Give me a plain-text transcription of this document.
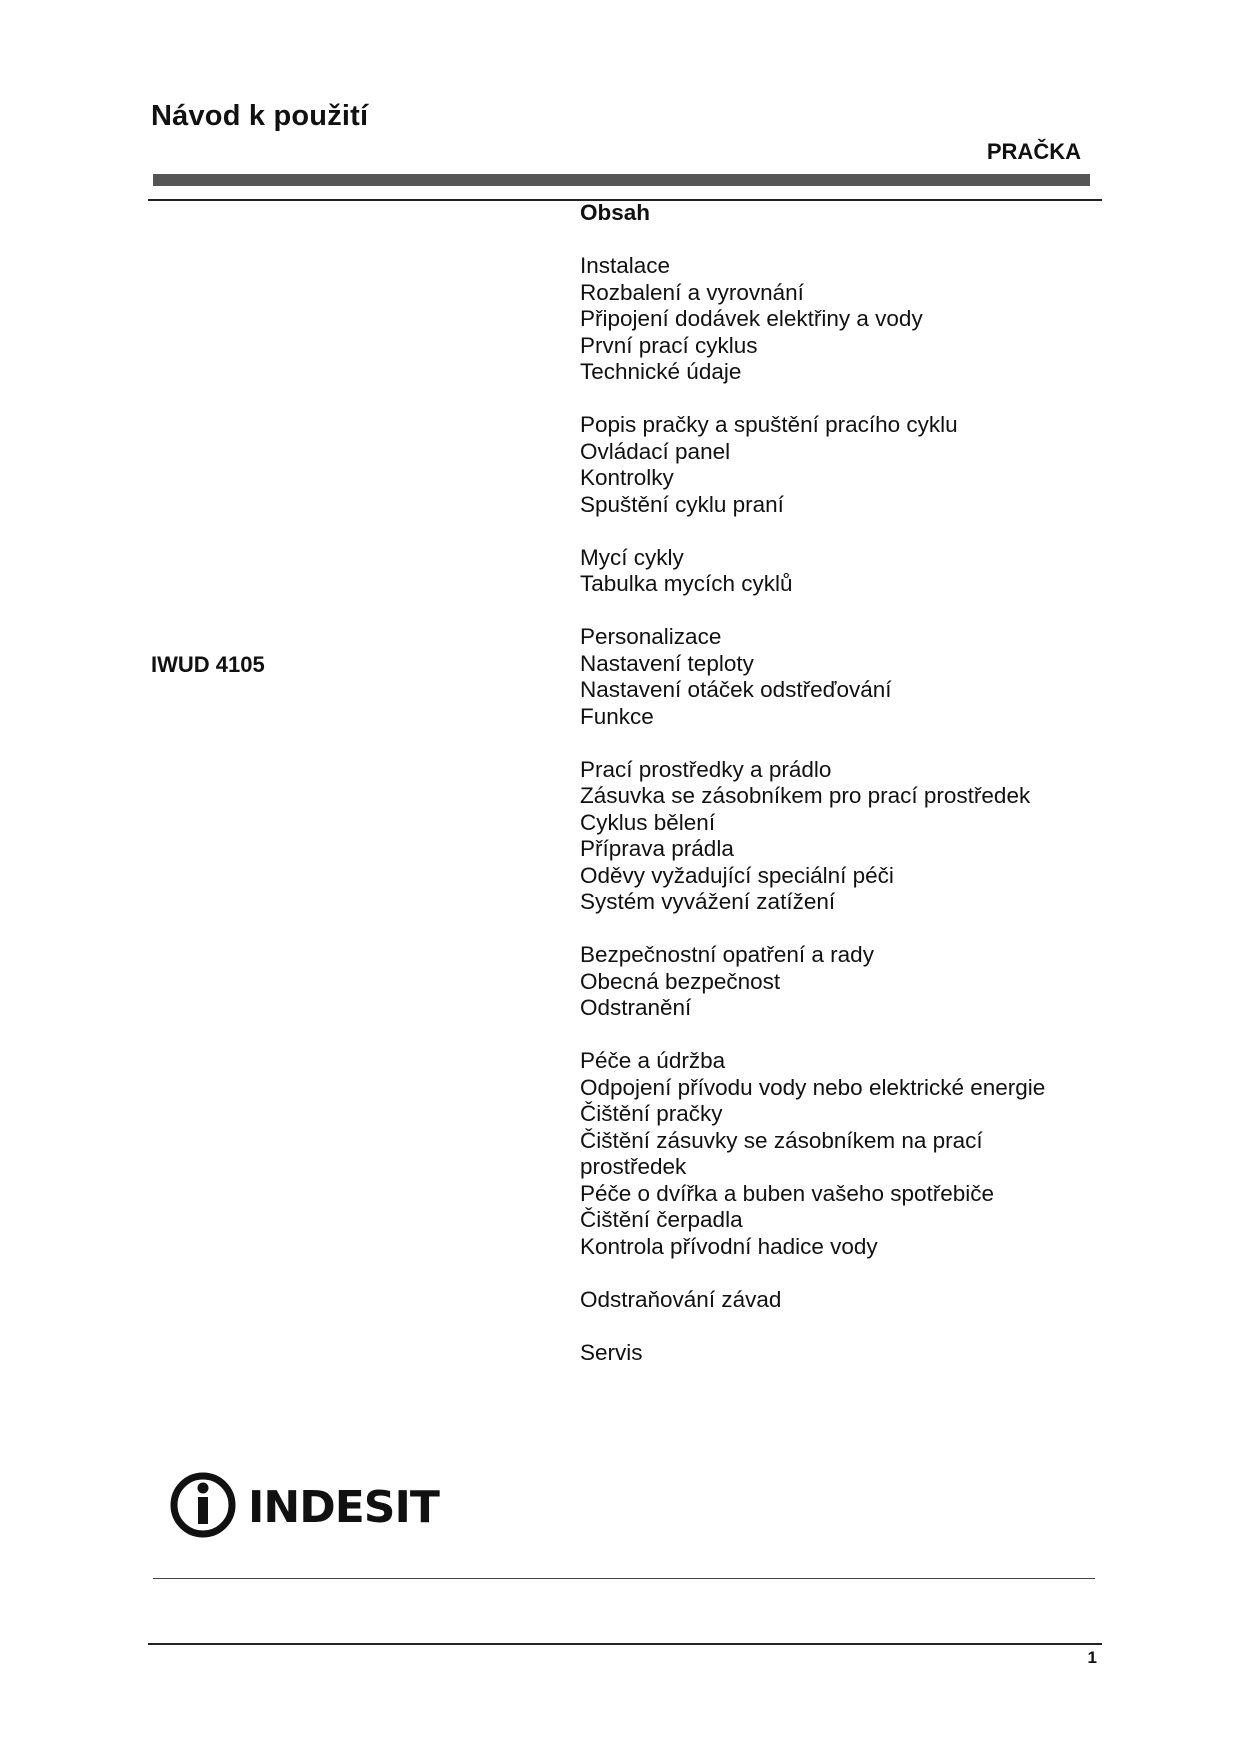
Návod k použití
PRAČKA
IWUD 4105
Obsah
Instalace
Rozbalení a vyrovnání
Připojení dodávek elektřiny a vody
První prací cyklus
Technické údaje
Popis pračky a spuštění pracího cyklu
Ovládací panel
Kontrolky
Spuštění cyklu praní
Mycí cykly
Tabulka mycích cyklů
Personalizace
Nastavení teploty
Nastavení otáček odstřeďování
Funkce
Prací prostředky a prádlo
Zásuvka se zásobníkem pro prací prostředek
Cyklus bělení
Příprava prádla
Oděvy vyžadující speciální péči
Systém vyvážení zatížení
Bezpečnostní opatření a rady
Obecná bezpečnost
Odstranění
Péče a údržba
Odpojení přívodu vody nebo elektrické energie
Čištění pračky
Čištění zásuvky se zásobníkem na prací
prostředek
Péče o dvířka a buben vašeho spotřebiče
Čištění čerpadla
Kontrola přívodní hadice vody
Odstraňování závad
Servis
INDESIT
1
